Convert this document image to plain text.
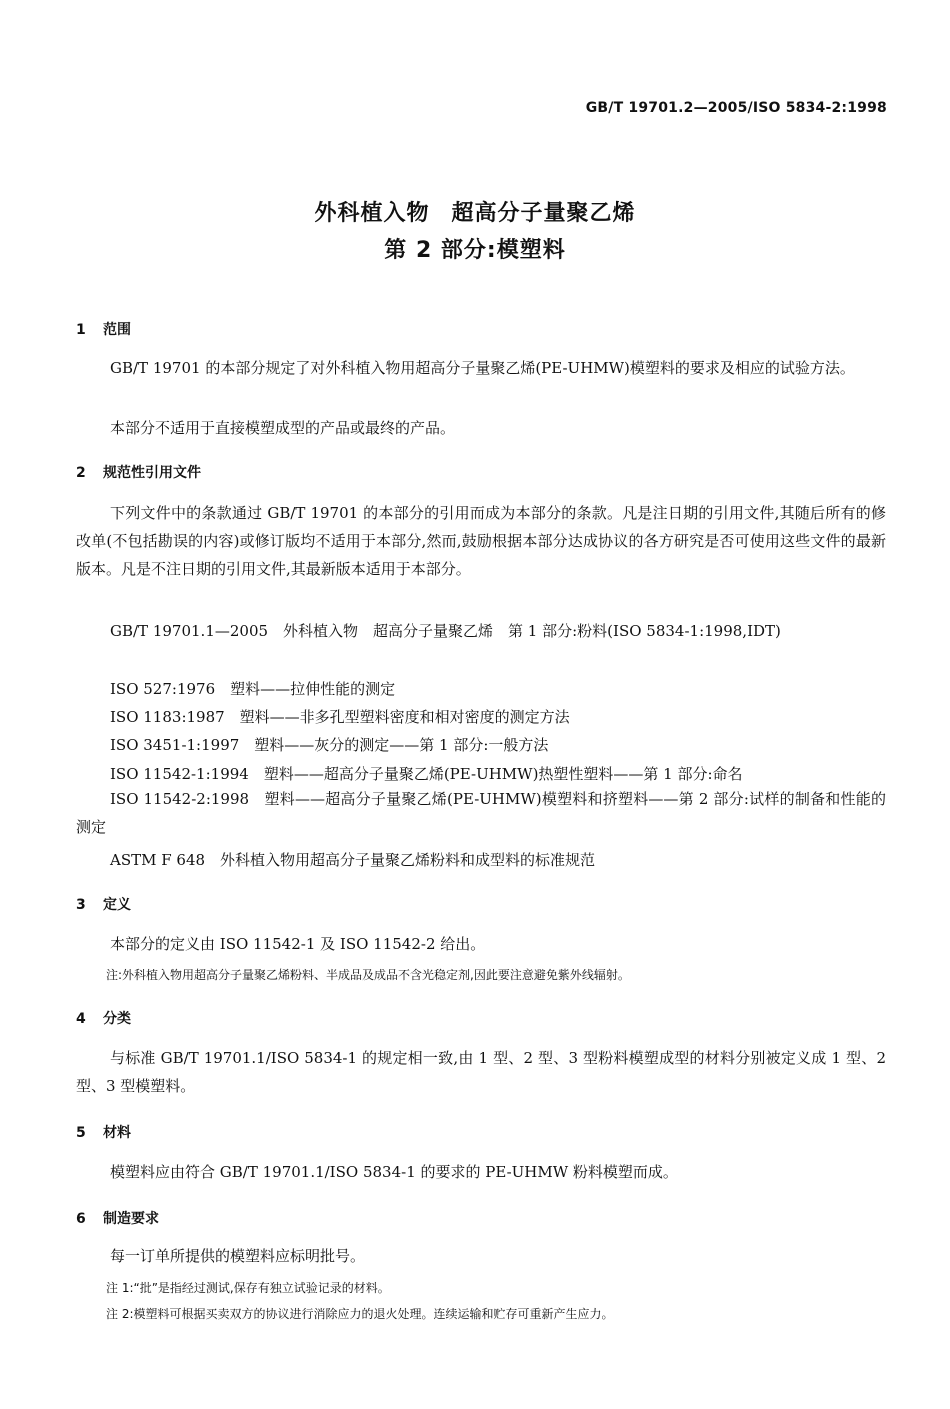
GB/T 19701.2—2005/ISO 5834-2:1998
外科植入物 超高分子量聚乙烯
第 2 部分:模塑料
1 范围

GB/T 19701 的本部分规定了对外科植入物用超高分子量聚乙烯(PE-UHMW)模塑料的要求及相应的试验方法。

本部分不适用于直接模塑成型的产品或最终的产品。

2 规范性引用文件

下列文件中的条款通过 GB/T 19701 的本部分的引用而成为本部分的条款。凡是注日期的引用文件,其随后所有的修改单(不包括勘误的内容)或修订版均不适用于本部分,然而,鼓励根据本部分达成协议的各方研究是否可使用这些文件的最新版本。凡是不注日期的引用文件,其最新版本适用于本部分。

GB/T 19701.1—2005　外科植入物　超高分子量聚乙烯　第 1 部分:粉料(ISO 5834-1:1998,IDT)

ISO 527:1976　塑料——拉伸性能的测定
ISO 1183:1987　塑料——非多孔型塑料密度和相对密度的测定方法
ISO 3451-1:1997　塑料——灰分的测定——第 1 部分:一般方法
ISO 11542-1:1994　塑料——超高分子量聚乙烯(PE-UHMW)热塑性塑料——第 1 部分:命名

ISO 11542-2:1998　塑料——超高分子量聚乙烯(PE-UHMW)模塑料和挤塑料——第 2 部分:试样的制备和性能的测定

ASTM F 648　外科植入物用超高分子量聚乙烯粉料和成型料的标准规范
3 定义

本部分的定义由 ISO 11542-1 及 ISO 11542-2 给出。

注:外科植入物用超高分子量聚乙烯粉料、半成品及成品不含光稳定剂,因此要注意避免紫外线辐射。
4 分类

与标准 GB/T 19701.1/ISO 5834-1 的规定相一致,由 1 型、2 型、3 型粉料模塑成型的材料分别被定义成 1 型、2 型、3 型模塑料。

5 材料

模塑料应由符合 GB/T 19701.1/ISO 5834-1 的要求的 PE-UHMW 粉料模塑而成。

6 制造要求

每一订单所提供的模塑料应标明批号。

注 1:“批”是指经过测试,保存有独立试验记录的材料。
注 2:模塑料可根据买卖双方的协议进行消除应力的退火处理。连续运输和贮存可重新产生应力。
